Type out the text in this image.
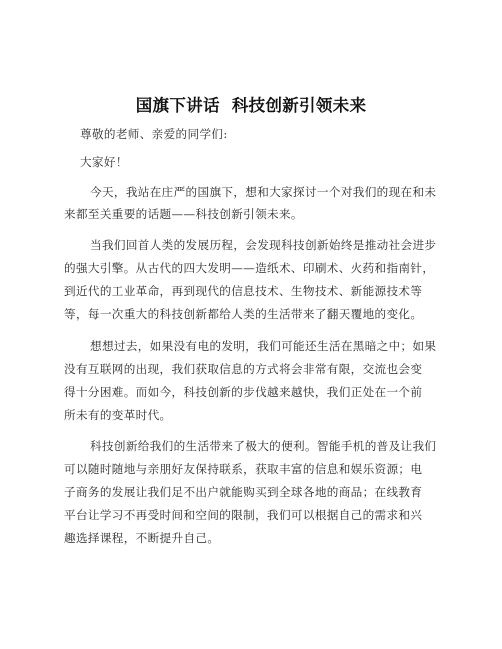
国旗下讲话  科技创新引领未来
尊敬的老师、亲爱的同学们:
大家好！
今天，我站在庄严的国旗下，想和大家探讨一个对我们的现在和未
来都至关重要的话题——科技创新引领未来。
当我们回首人类的发展历程，会发现科技创新始终是推动社会进步
的强大引擎。从古代的四大发明——造纸术、印刷术、火药和指南针，
到近代的工业革命，再到现代的信息技术、生物技术、新能源技术等
等，每一次重大的科技创新都给人类的生活带来了翻天覆地的变化。
想想过去，如果没有电的发明，我们可能还生活在黑暗之中；如果
没有互联网的出现，我们获取信息的方式将会非常有限，交流也会变
得十分困难。而如今，科技创新的步伐越来越快，我们正处在一个前
所未有的变革时代。
科技创新给我们的生活带来了极大的便利。智能手机的普及让我们
可以随时随地与亲朋好友保持联系，获取丰富的信息和娱乐资源；电
子商务的发展让我们足不出户就能购买到全球各地的商品；在线教育
平台让学习不再受时间和空间的限制，我们可以根据自己的需求和兴
趣选择课程，不断提升自己。
